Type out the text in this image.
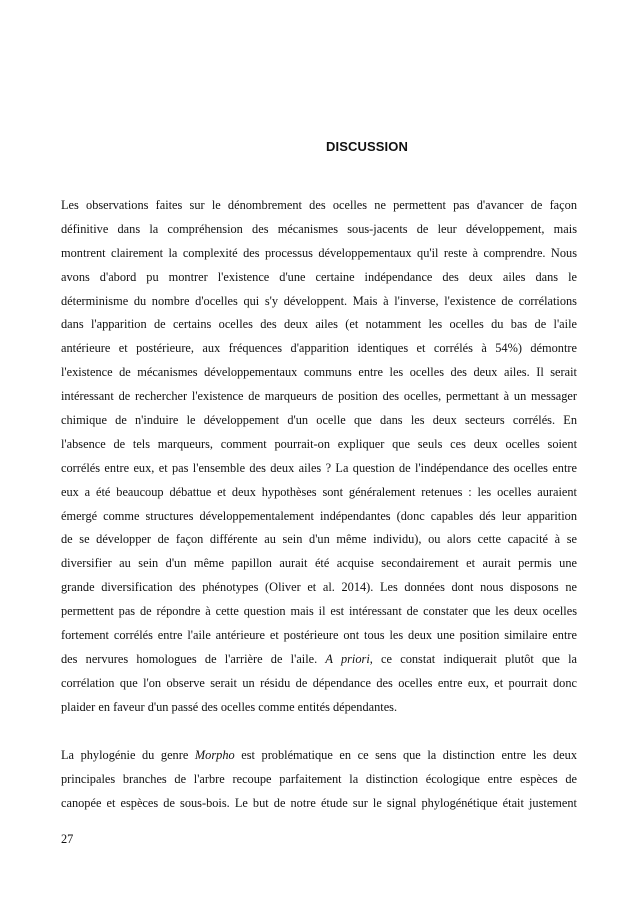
DISCUSSION
Les observations faites sur le dénombrement des ocelles ne permettent pas d'avancer de façon
définitive dans la compréhension des mécanismes sous-jacents de leur développement, mais
montrent clairement la complexité des processus développementaux qu'il reste à comprendre. Nous
avons d'abord pu montrer l'existence d'une certaine indépendance des deux ailes dans le
déterminisme du nombre d'ocelles qui s'y développent. Mais à l'inverse, l'existence de corrélations
dans l'apparition de certains ocelles des deux ailes (et notamment les ocelles du bas de l'aile
antérieure et postérieure, aux fréquences d'apparition identiques et corrélés à 54%) démontre
l'existence de mécanismes développementaux communs entre les ocelles des deux ailes. Il serait
intéressant de rechercher l'existence de marqueurs de position des ocelles, permettant à un messager
chimique de n'induire le développement d'un ocelle que dans les deux secteurs corrélés. En
l'absence de tels marqueurs, comment pourrait-on expliquer que seuls ces deux ocelles soient
corrélés entre eux, et pas l'ensemble des deux ailes ? La question de l'indépendance des ocelles entre
eux a été beaucoup débattue et deux hypothèses sont généralement retenues : les ocelles auraient
émergé comme structures développementalement indépendantes (donc capables dés leur apparition
de se développer de façon différente au sein d'un même individu), ou alors cette capacité à se
diversifier au sein d'un même papillon aurait été acquise secondairement et aurait permis une
grande diversification des phénotypes (Oliver et al. 2014). Les données dont nous disposons ne
permettent pas de répondre à cette question mais il est intéressant de constater que les deux ocelles
fortement corrélés entre l'aile antérieure et postérieure ont tous les deux une position similaire entre
des nervures homologues de l'arrière de l'aile. A priori, ce constat indiquerait plutôt que la
corrélation que l'on observe serait un résidu de dépendance des ocelles entre eux, et pourrait donc
plaider en faveur d'un passé des ocelles comme entités dépendantes.
La phylogénie du genre Morpho est problématique en ce sens que la distinction entre les deux
principales branches de l'arbre recoupe parfaitement la distinction écologique entre espèces de
canopée et espèces de sous-bois. Le but de notre étude sur le signal phylogénétique était justement
27
